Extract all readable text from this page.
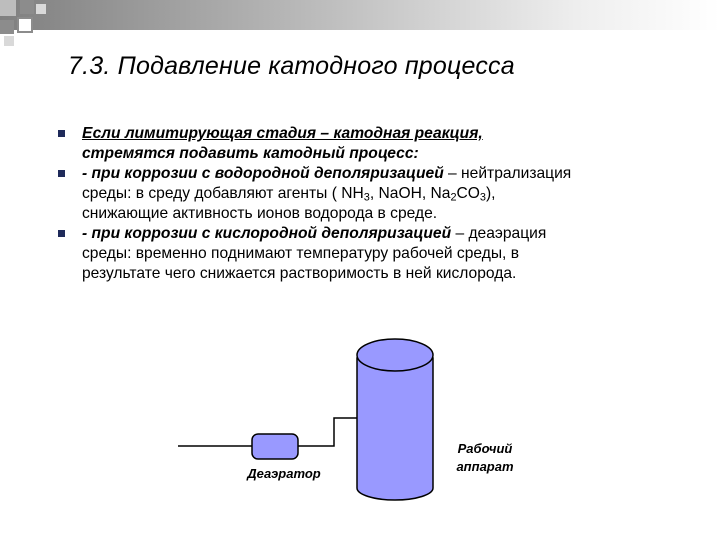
7.3. Подавление катодного процесса
Если лимитирующая стадия – катодная реакция,
стремятся подавить катодный процесс:
- при коррозии с водородной деполяризацией – нейтрализация
среды: в среду добавляют агенты ( $NH_3$, NaOH, $Na_2CO_3$),
снижающие активность ионов водорода в среде.
- при коррозии с кислородной деполяризацией – деаэрация
среды: временно поднимают температуру рабочей среды, в
результате чего снижается растворимость в ней кислорода.
Деаэратор
Рабочий
аппарат
